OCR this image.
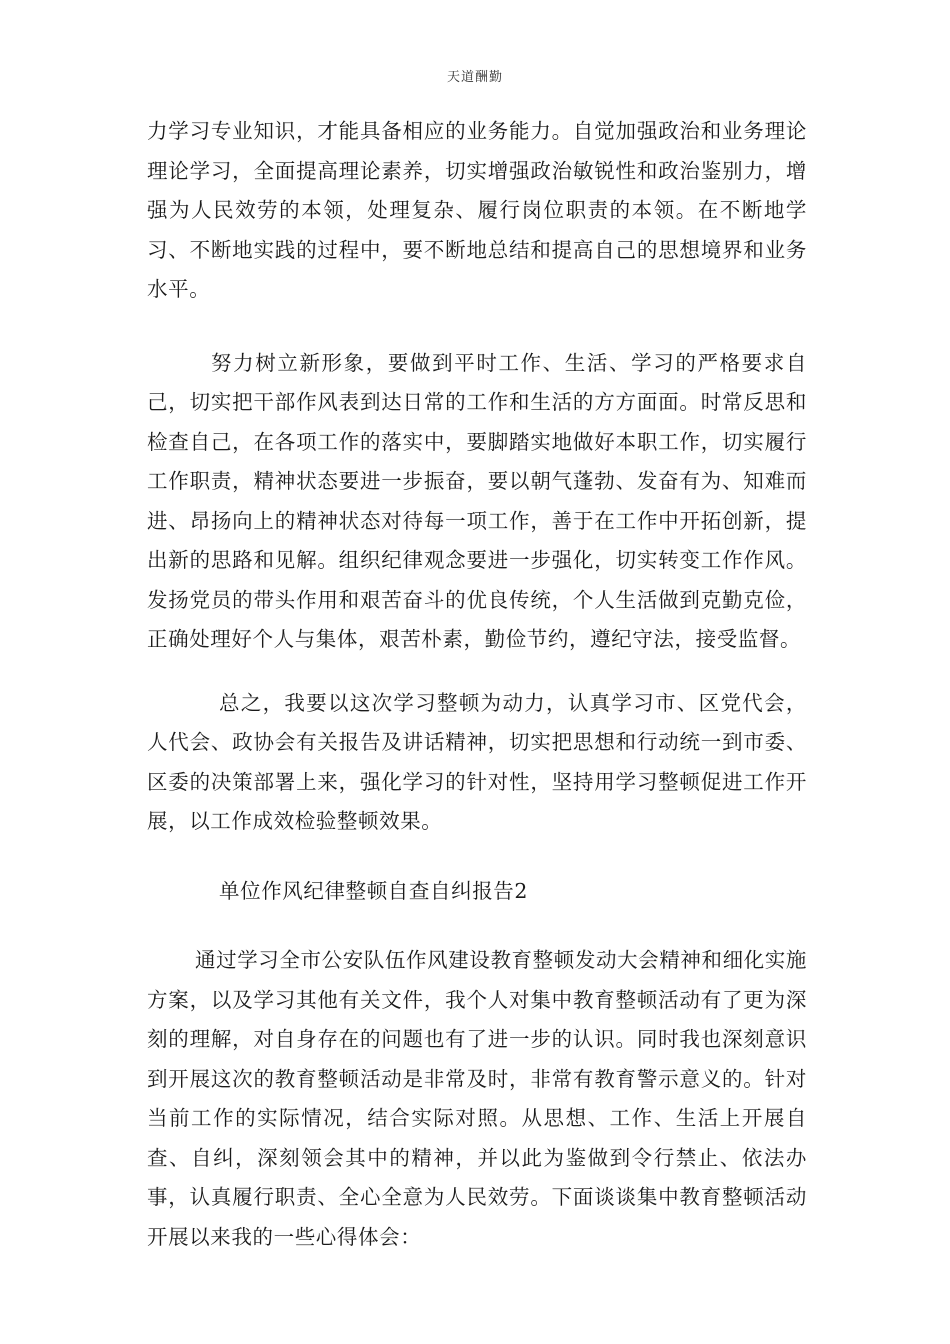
天道酬勤

力学习专业知识，才能具备相应的业务能力。自觉加强政治和业务理论理论学习，全面提高理论素养，切实增强政治敏锐性和政治鉴别力，增强为人民效劳的本领，处理复杂、履行岗位职责的本领。在不断地学习、不断地实践的过程中，要不断地总结和提高自己的思想境界和业务水平。

努力树立新形象，要做到平时工作、生活、学习的严格要求自己，切实把干部作风表到达日常的工作和生活的方方面面。时常反思和检查自己，在各项工作的落实中，要脚踏实地做好本职工作，切实履行工作职责，精神状态要进一步振奋，要以朝气蓬勃、发奋有为、知难而进、昂扬向上的精神状态对待每一项工作，善于在工作中开拓创新，提出新的思路和见解。组织纪律观念要进一步强化，切实转变工作作风。发扬党员的带头作用和艰苦奋斗的优良传统，个人生活做到克勤克俭，正确处理好个人与集体，艰苦朴素，勤俭节约，遵纪守法，接受监督。

总之，我要以这次学习整顿为动力，认真学习市、区党代会，人代会、政协会有关报告及讲话精神，切实把思想和行动统一到市委、区委的决策部署上来，强化学习的针对性，坚持用学习整顿促进工作开展，以工作成效检验整顿效果。

单位作风纪律整顿自查自纠报告2

通过学习全市公安队伍作风建设教育整顿发动大会精神和细化实施方案，以及学习其他有关文件，我个人对集中教育整顿活动有了更为深刻的理解，对自身存在的问题也有了进一步的认识。同时我也深刻意识到开展这次的教育整顿活动是非常及时，非常有教育警示意义的。针对当前工作的实际情况，结合实际对照。从思想、工作、生活上开展自查、自纠，深刻领会其中的精神，并以此为鉴做到令行禁止、依法办事，认真履行职责、全心全意为人民效劳。下面谈谈集中教育整顿活动开展以来我的一些心得体会：
